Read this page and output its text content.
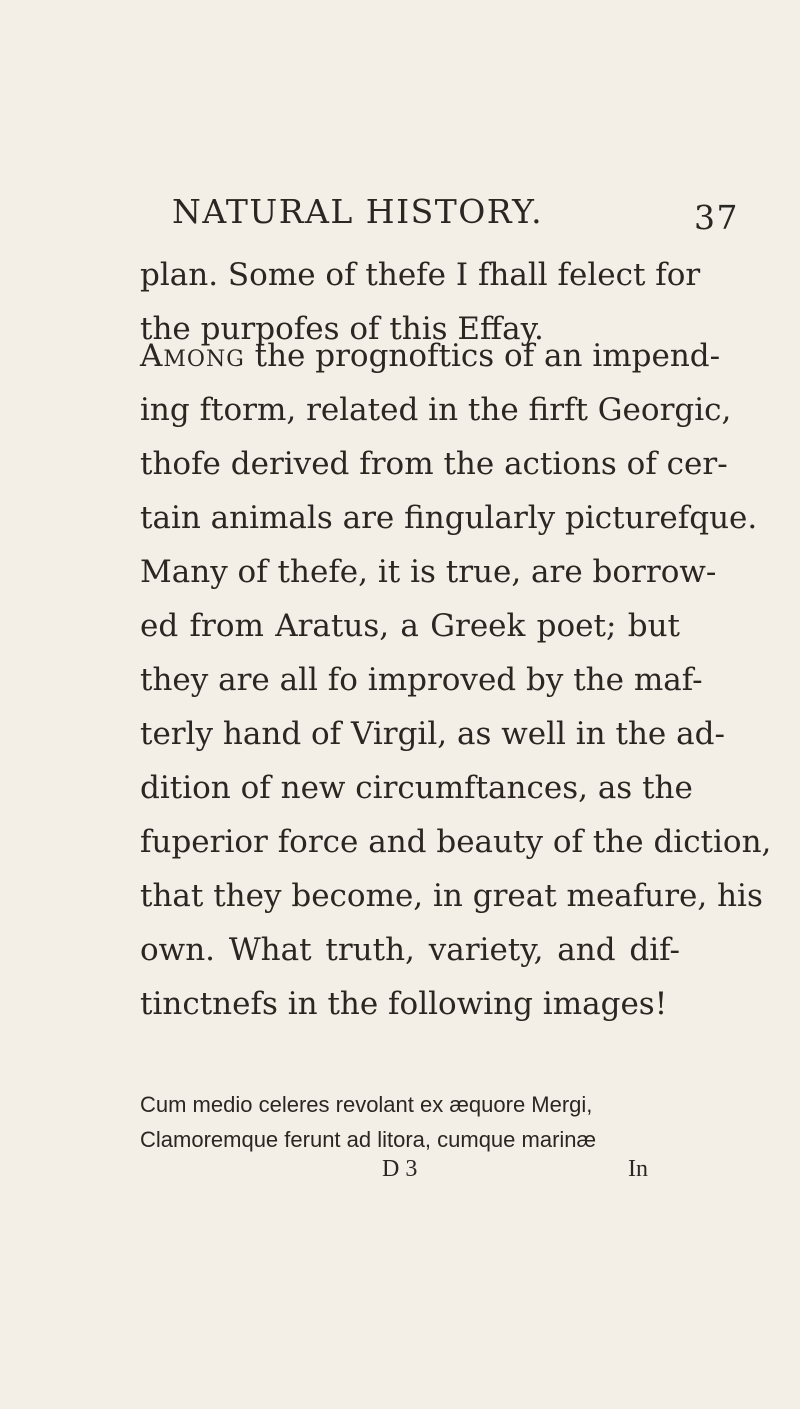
NATURAL HISTORY.	37
plan. Some of thefe I fhall felect for
the purpofes of this Effay.
Among the prognoftics of an impend-
ing ftorm, related in the firft Georgic,
thofe derived from the actions of cer-
tain animals are fingularly picturefque.
Many of thefe, it is true, are borrow-
ed from Aratus, a Greek poet; but
they are all fo improved by the maf-
terly hand of Virgil, as well in the ad-
dition of new circumftances, as the
fuperior force and beauty of the diction,
that they become, in great meafure, his
own. What truth, variety, and dif-
tinctnefs in the following images!
Cum medio celeres revolant ex æquore Mergi,
Clamoremque ferunt ad litora, cumque marinæ
D 3	In
